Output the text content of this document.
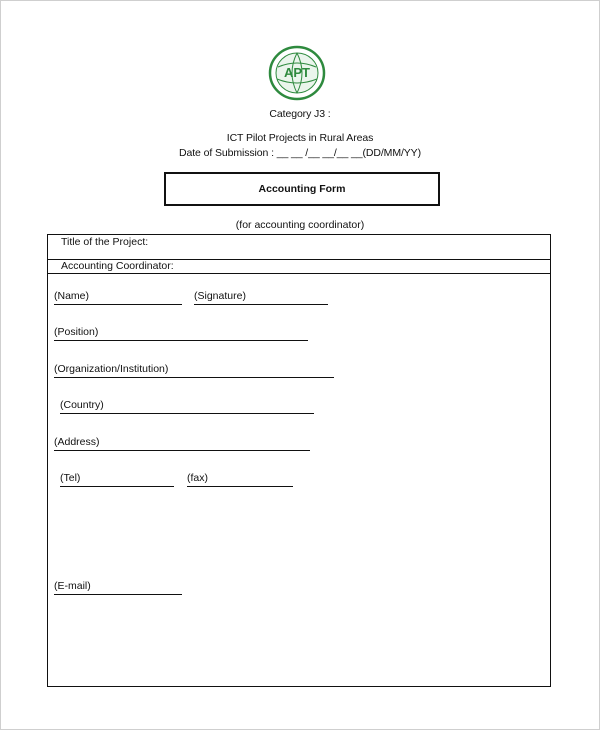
APT
Category J3 :
ICT Pilot Projects in Rural Areas
Date of Submission : __ __ /__ __/__ __(DD/MM/YY)
Accounting Form
(for accounting coordinator)
Title of the Project:
Accounting Coordinator:
(Name)	(Signature)
(Position)
(Organization/Institution)
(Country)
(Address)
(Tel)	(fax)
(E-mail)
